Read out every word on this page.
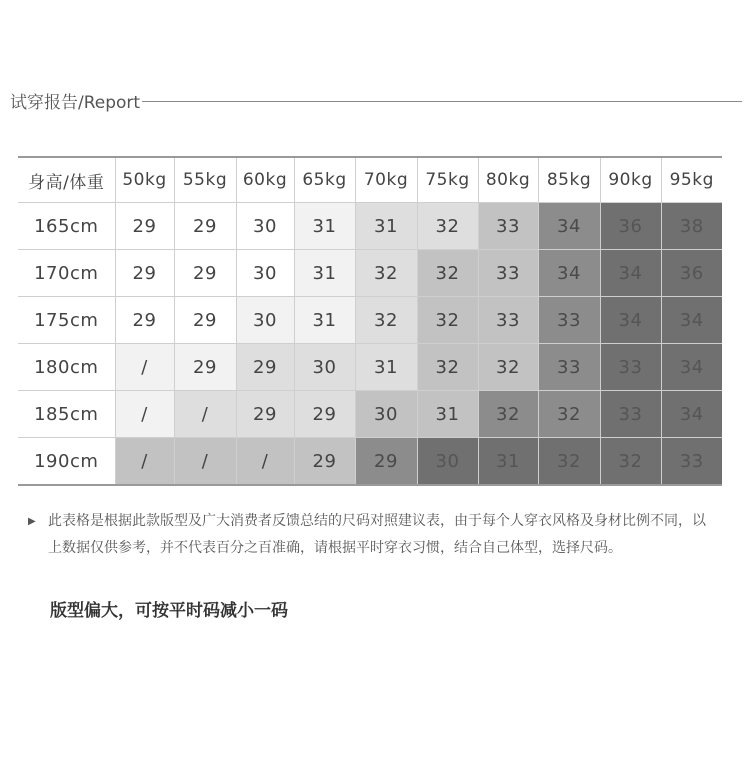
试穿报告/Report
身高/体重	50kg	55kg	60kg	65kg	70kg	75kg	80kg	85kg	90kg	95kg
165cm	29	29	30	31	31	32	33	34	36	38
170cm	29	29	30	31	32	32	33	34	34	36
175cm	29	29	30	31	32	32	33	33	34	34
180cm	/	29	29	30	31	32	32	33	33	34
185cm	/	/	29	29	30	31	32	32	33	34
190cm	/	/	/	29	29	30	31	32	32	33
▶ 此表格是根据此款版型及广大消费者反馈总结的尺码对照建议表，由于每个人穿衣风格及身材比例不同，以上数据仅供参考，并不代表百分之百准确，请根据平时穿衣习惯，结合自己体型，选择尺码。
版型偏大，可按平时码减小一码
